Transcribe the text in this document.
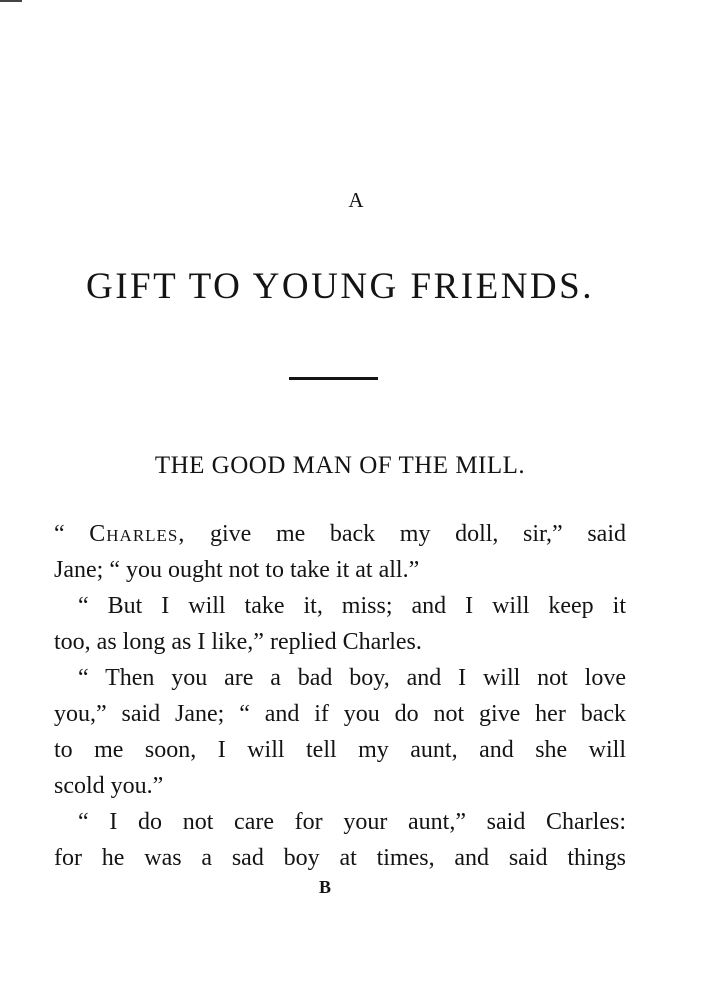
A
GIFT TO YOUNG FRIENDS.
THE GOOD MAN OF THE MILL.
“ Charles, give me back my doll, sir,” said
Jane; “ you ought not to take it at all.”
“ But I will take it, miss; and I will keep it
too, as long as I like,” replied Charles.
“ Then you are a bad boy, and I will not love
you,” said Jane; “ and if you do not give her back
to me soon, I will tell my aunt, and she will
scold you.”
“ I do not care for your aunt,” said Charles:
for he was a sad boy at times, and said things
B
